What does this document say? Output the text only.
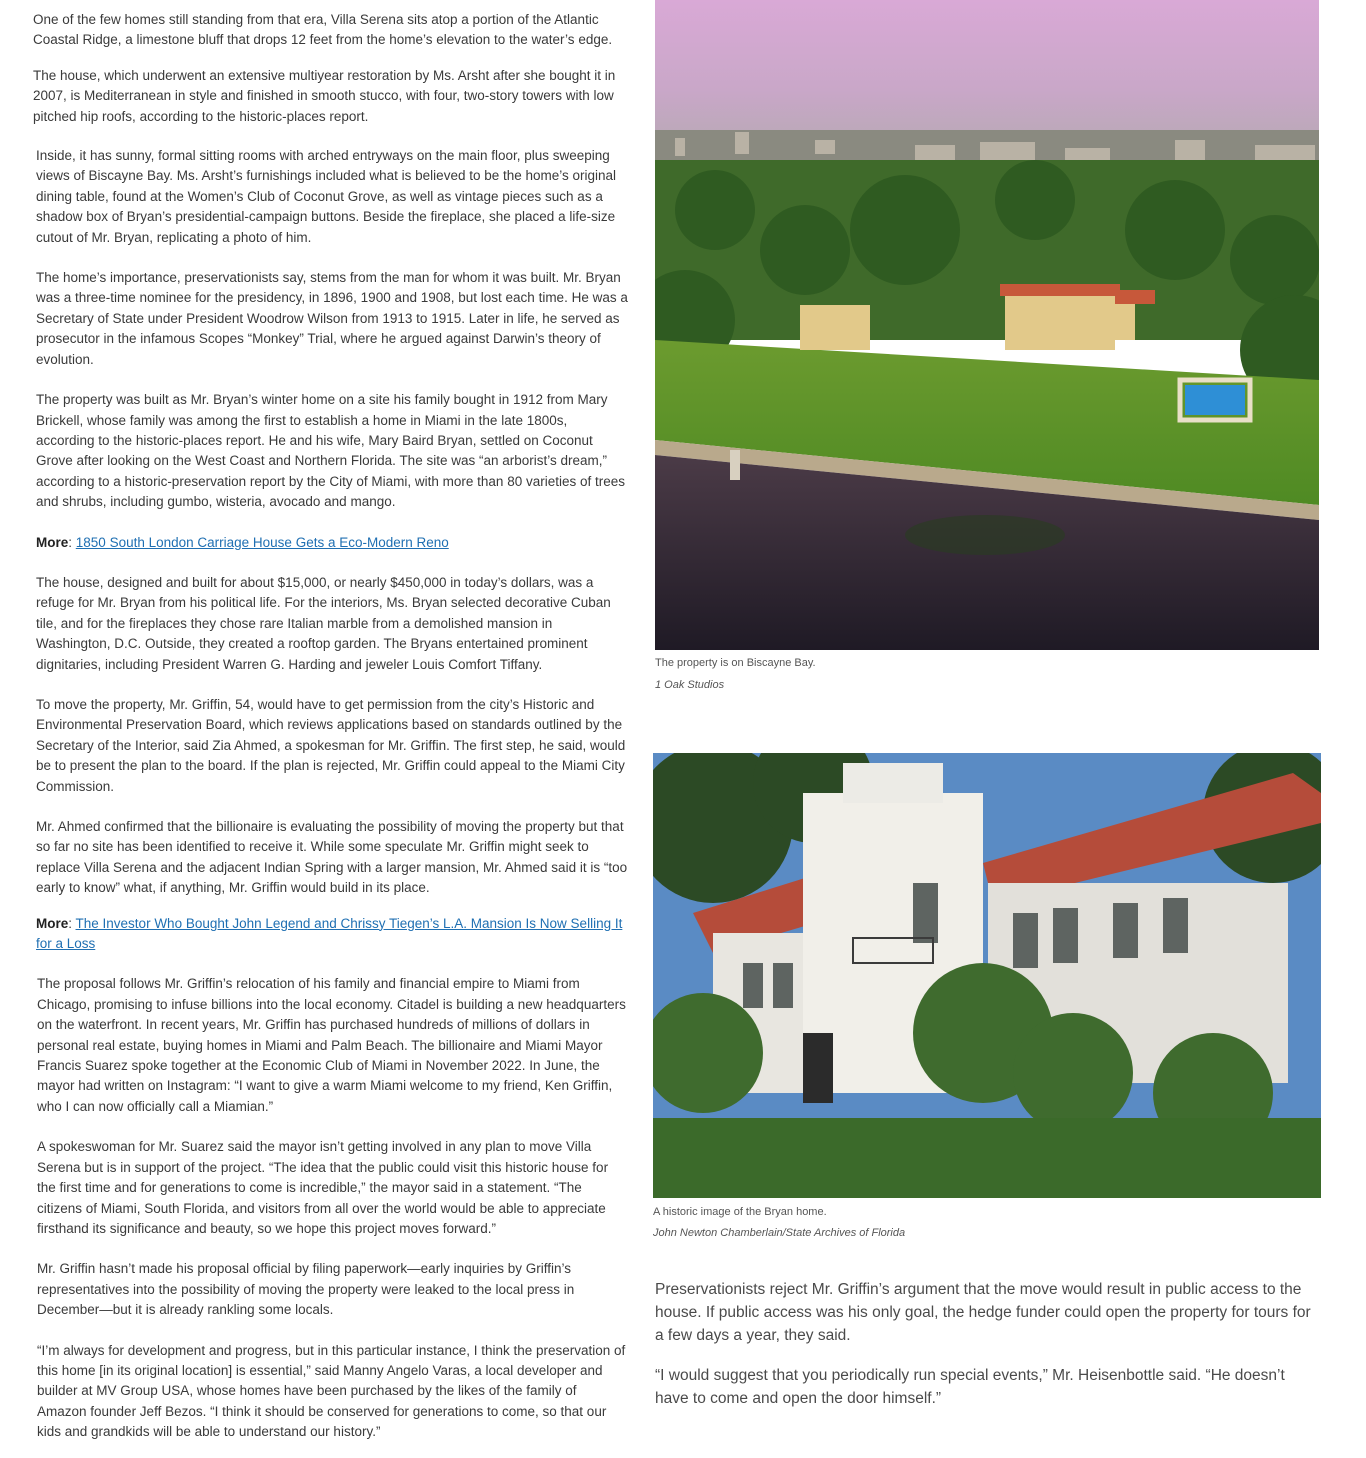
One of the few homes still standing from that era, Villa Serena sits atop a portion of the Atlantic Coastal Ridge, a limestone bluff that drops 12 feet from the home’s elevation to the water’s edge.

The house, which underwent an extensive multiyear restoration by Ms. Arsht after she bought it in 2007, is Mediterranean in style and finished in smooth stucco, with four, two-story towers with low pitched hip roofs, according to the historic-places report.

Inside, it has sunny, formal sitting rooms with arched entryways on the main floor, plus sweeping views of Biscayne Bay. Ms. Arsht’s furnishings included what is believed to be the home’s original dining table, found at the Women’s Club of Coconut Grove, as well as vintage pieces such as a shadow box of Bryan’s presidential-campaign buttons. Beside the fireplace, she placed a life-size cutout of Mr. Bryan, replicating a photo of him.

The home’s importance, preservationists say, stems from the man for whom it was built. Mr. Bryan was a three-time nominee for the presidency, in 1896, 1900 and 1908, but lost each time. He was a Secretary of State under President Woodrow Wilson from 1913 to 1915. Later in life, he served as prosecutor in the infamous Scopes “Monkey” Trial, where he argued against Darwin’s theory of evolution.

The property was built as Mr. Bryan’s winter home on a site his family bought in 1912 from Mary Brickell, whose family was among the first to establish a home in Miami in the late 1800s, according to the historic-places report. He and his wife, Mary Baird Bryan, settled on Coconut Grove after looking on the West Coast and Northern Florida. The site was “an arborist’s dream,” according to a historic-preservation report by the City of Miami, with more than 80 varieties of trees and shrubs, including gumbo, wisteria, avocado and mango.

More: 1850 South London Carriage House Gets a Eco-Modern Reno

The house, designed and built for about $15,000, or nearly $450,000 in today’s dollars, was a refuge for Mr. Bryan from his political life. For the interiors, Ms. Bryan selected decorative Cuban tile, and for the fireplaces they chose rare Italian marble from a demolished mansion in Washington, D.C. Outside, they created a rooftop garden. The Bryans entertained prominent dignitaries, including President Warren G. Harding and jeweler Louis Comfort Tiffany.

To move the property, Mr. Griffin, 54, would have to get permission from the city’s Historic and Environmental Preservation Board, which reviews applications based on standards outlined by the Secretary of the Interior, said Zia Ahmed, a spokesman for Mr. Griffin. The first step, he said, would be to present the plan to the board. If the plan is rejected, Mr. Griffin could appeal to the Miami City Commission.

Mr. Ahmed confirmed that the billionaire is evaluating the possibility of moving the property but that so far no site has been identified to receive it. While some speculate Mr. Griffin might seek to replace Villa Serena and the adjacent Indian Spring with a larger mansion, Mr. Ahmed said it is “too early to know” what, if anything, Mr. Griffin would build in its place.

More: The Investor Who Bought John Legend and Chrissy Tiegen’s L.A. Mansion Is Now Selling It for a Loss

The proposal follows Mr. Griffin’s relocation of his family and financial empire to Miami from Chicago, promising to infuse billions into the local economy. Citadel is building a new headquarters on the waterfront. In recent years, Mr. Griffin has purchased hundreds of millions of dollars in personal real estate, buying homes in Miami and Palm Beach. The billionaire and Miami Mayor Francis Suarez spoke together at the Economic Club of Miami in November 2022. In June, the mayor had written on Instagram: “I want to give a warm Miami welcome to my friend, Ken Griffin, who I can now officially call a Miamian.”

A spokeswoman for Mr. Suarez said the mayor isn’t getting involved in any plan to move Villa Serena but is in support of the project. “The idea that the public could visit this historic house for the first time and for generations to come is incredible,” the mayor said in a statement. “The citizens of Miami, South Florida, and visitors from all over the world would be able to appreciate firsthand its significance and beauty, so we hope this project moves forward.”

Mr. Griffin hasn’t made his proposal official by filing paperwork—early inquiries by Griffin’s representatives into the possibility of moving the property were leaked to the local press in December—but it is already rankling some locals.

“I’m always for development and progress, but in this particular instance, I think the preservation of this home [in its original location] is essential,” said Manny Angelo Varas, a local developer and builder at MV Group USA, whose homes have been purchased by the likes of the family of Amazon founder Jeff Bezos. “I think it should be conserved for generations to come, so that our kids and grandkids will be able to understand our history.”

The property is on Biscayne Bay.
1 Oak Studios
A historic image of the Bryan home.
John Newton Chamberlain/State Archives of Florida

Preservationists reject Mr. Griffin’s argument that the move would result in public access to the house. If public access was his only goal, the hedge funder could open the property for tours for a few days a year, they said.

“I would suggest that you periodically run special events,” Mr. Heisenbottle said. “He doesn’t have to come and open the door himself.”
